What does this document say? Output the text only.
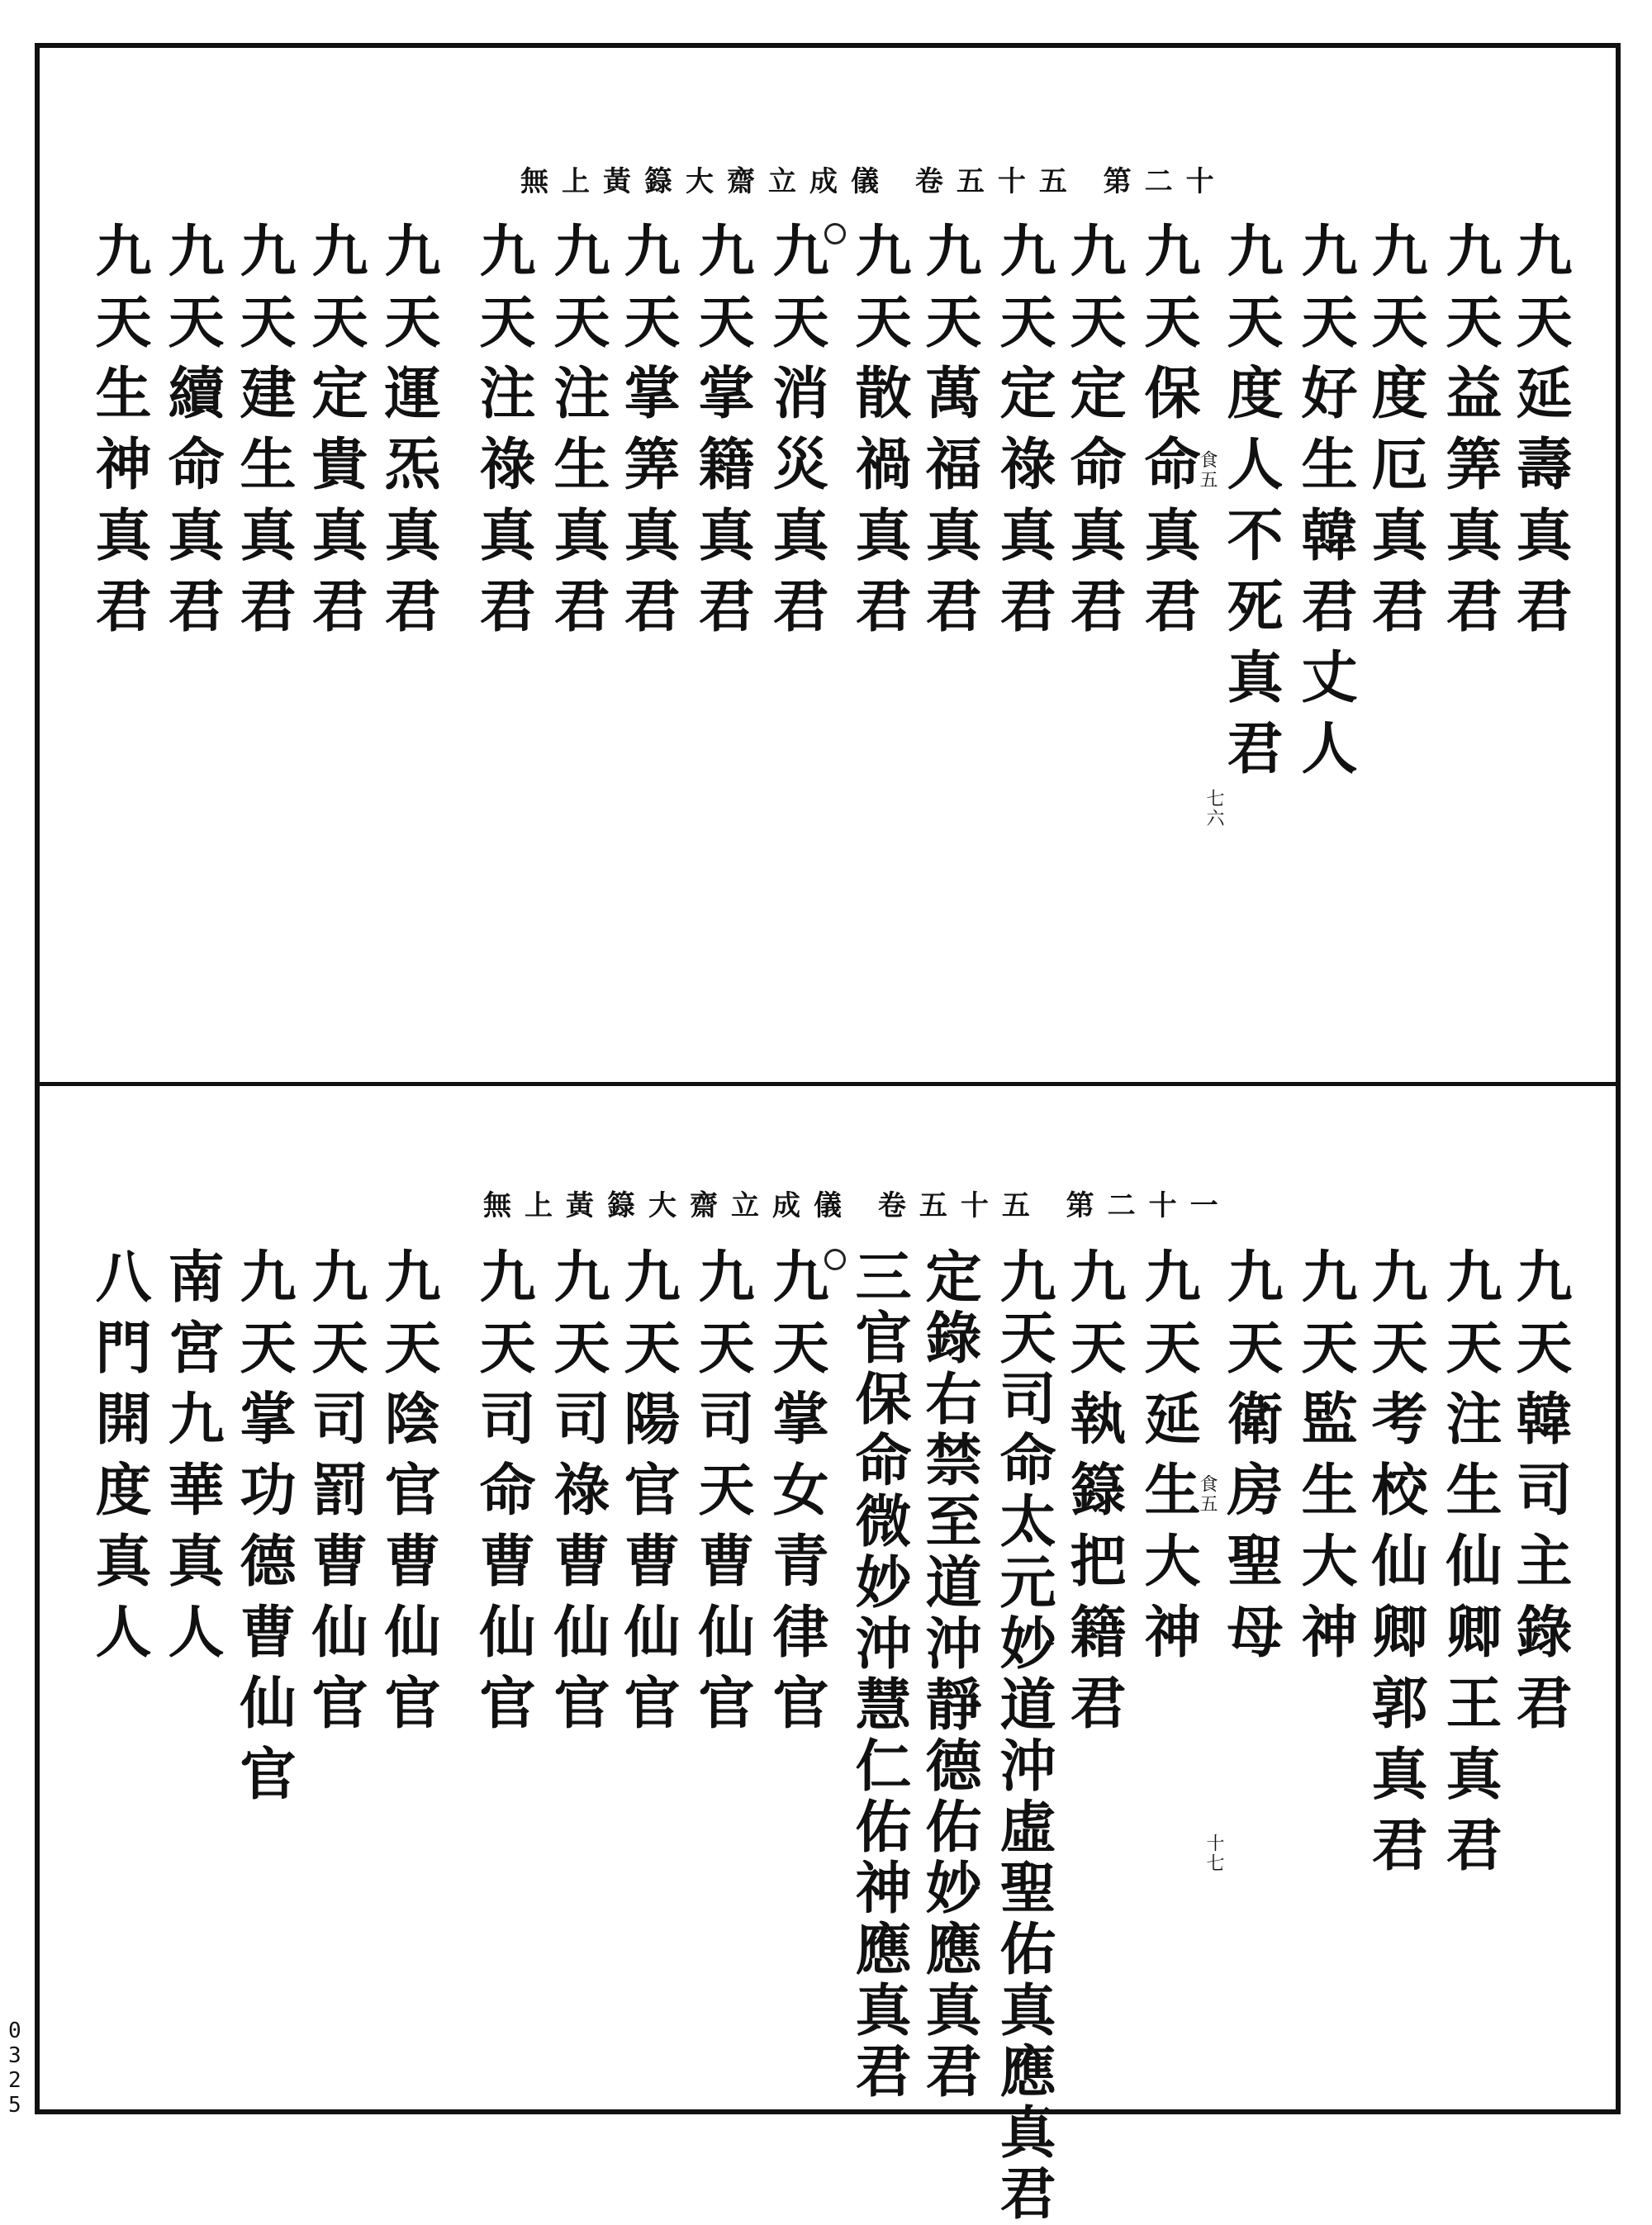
無上黃籙大齋立成儀 卷五十五 第二十
九天延壽真君
九天益筭真君
九天度厄真君
九天好生韓君丈人
九天度人不死真君
九天保命真君
九天定命真君
九天定祿真君
九天萬福真君
九天散禍真君
九天消災真君
九天掌籍真君
九天掌筭真君
九天注生真君
九天注祿真君
九天運炁真君
九天定貴真君
九天建生真君
九天續命真君
九天生神真君	食五
七六
無上黃籙大齋立成儀 卷五十五 第二十一
九天韓司主錄君
九天注生仙卿王真君
九天考校仙卿郭真君
九天監生大神
九天衛房聖母
九天延生大神
九天執籙把籍君
九天司命太元妙道沖虛聖佑真應真君
定錄右禁至道沖靜德佑妙應真君
三官保命微妙沖慧仁佑神應真君
九天掌女青律官
九天司天曹仙官
九天陽官曹仙官
九天司祿曹仙官
九天司命曹仙官
九天陰官曹仙官
九天司罰曹仙官
九天掌功德曹仙官
南宮九華真人
八門開度真人	食五
十七
0325
